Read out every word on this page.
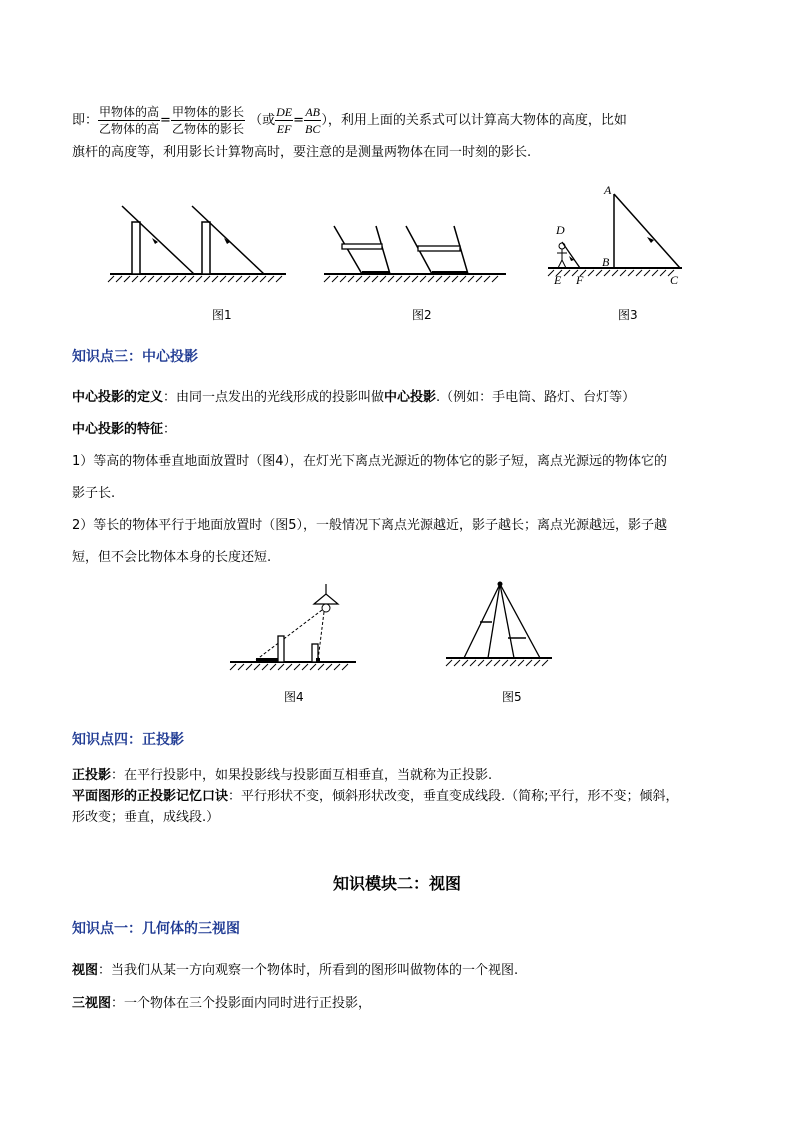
即： $\frac{\text{甲物体的高}}{\text{乙物体的高}} = \frac{\text{甲物体的影长}}{\text{乙物体的影长}}$ （或 $\frac{DE}{EF} = \frac{AB}{BC}$ ），利用上面的关系式可以计算高大物体的高度，比如
旗杆的高度等，利用影长计算物高时，要注意的是测量两物体在同一时刻的影长.
图1	图2
A
B
C
D
E F
图3
知识点三：中心投影
中心投影的定义：由同一点发出的光线形成的投影叫做中心投影.（例如：手电筒、路灯、台灯等）
中心投影的特征：
1）等高的物体垂直地面放置时（图4），在灯光下离点光源近的物体它的影子短，离点光源远的物体它的
影子长.
2）等长的物体平行于地面放置时（图5），一般情况下离点光源越近，影子越长；离点光源越远，影子越
短，但不会比物体本身的长度还短.
图4	图5
知识点四：正投影
正投影：在平行投影中，如果投影线与投影面互相垂直，当就称为正投影.
平面图形的正投影记忆口诀：平行形状不变，倾斜形状改变，垂直变成线段.（简称;平行，形不变；倾斜，
形改变；垂直，成线段.）
知识模块二：视图
知识点一：几何体的三视图
视图：当我们从某一方向观察一个物体时，所看到的图形叫做物体的一个视图.
三视图：一个物体在三个投影面内同时进行正投影，
